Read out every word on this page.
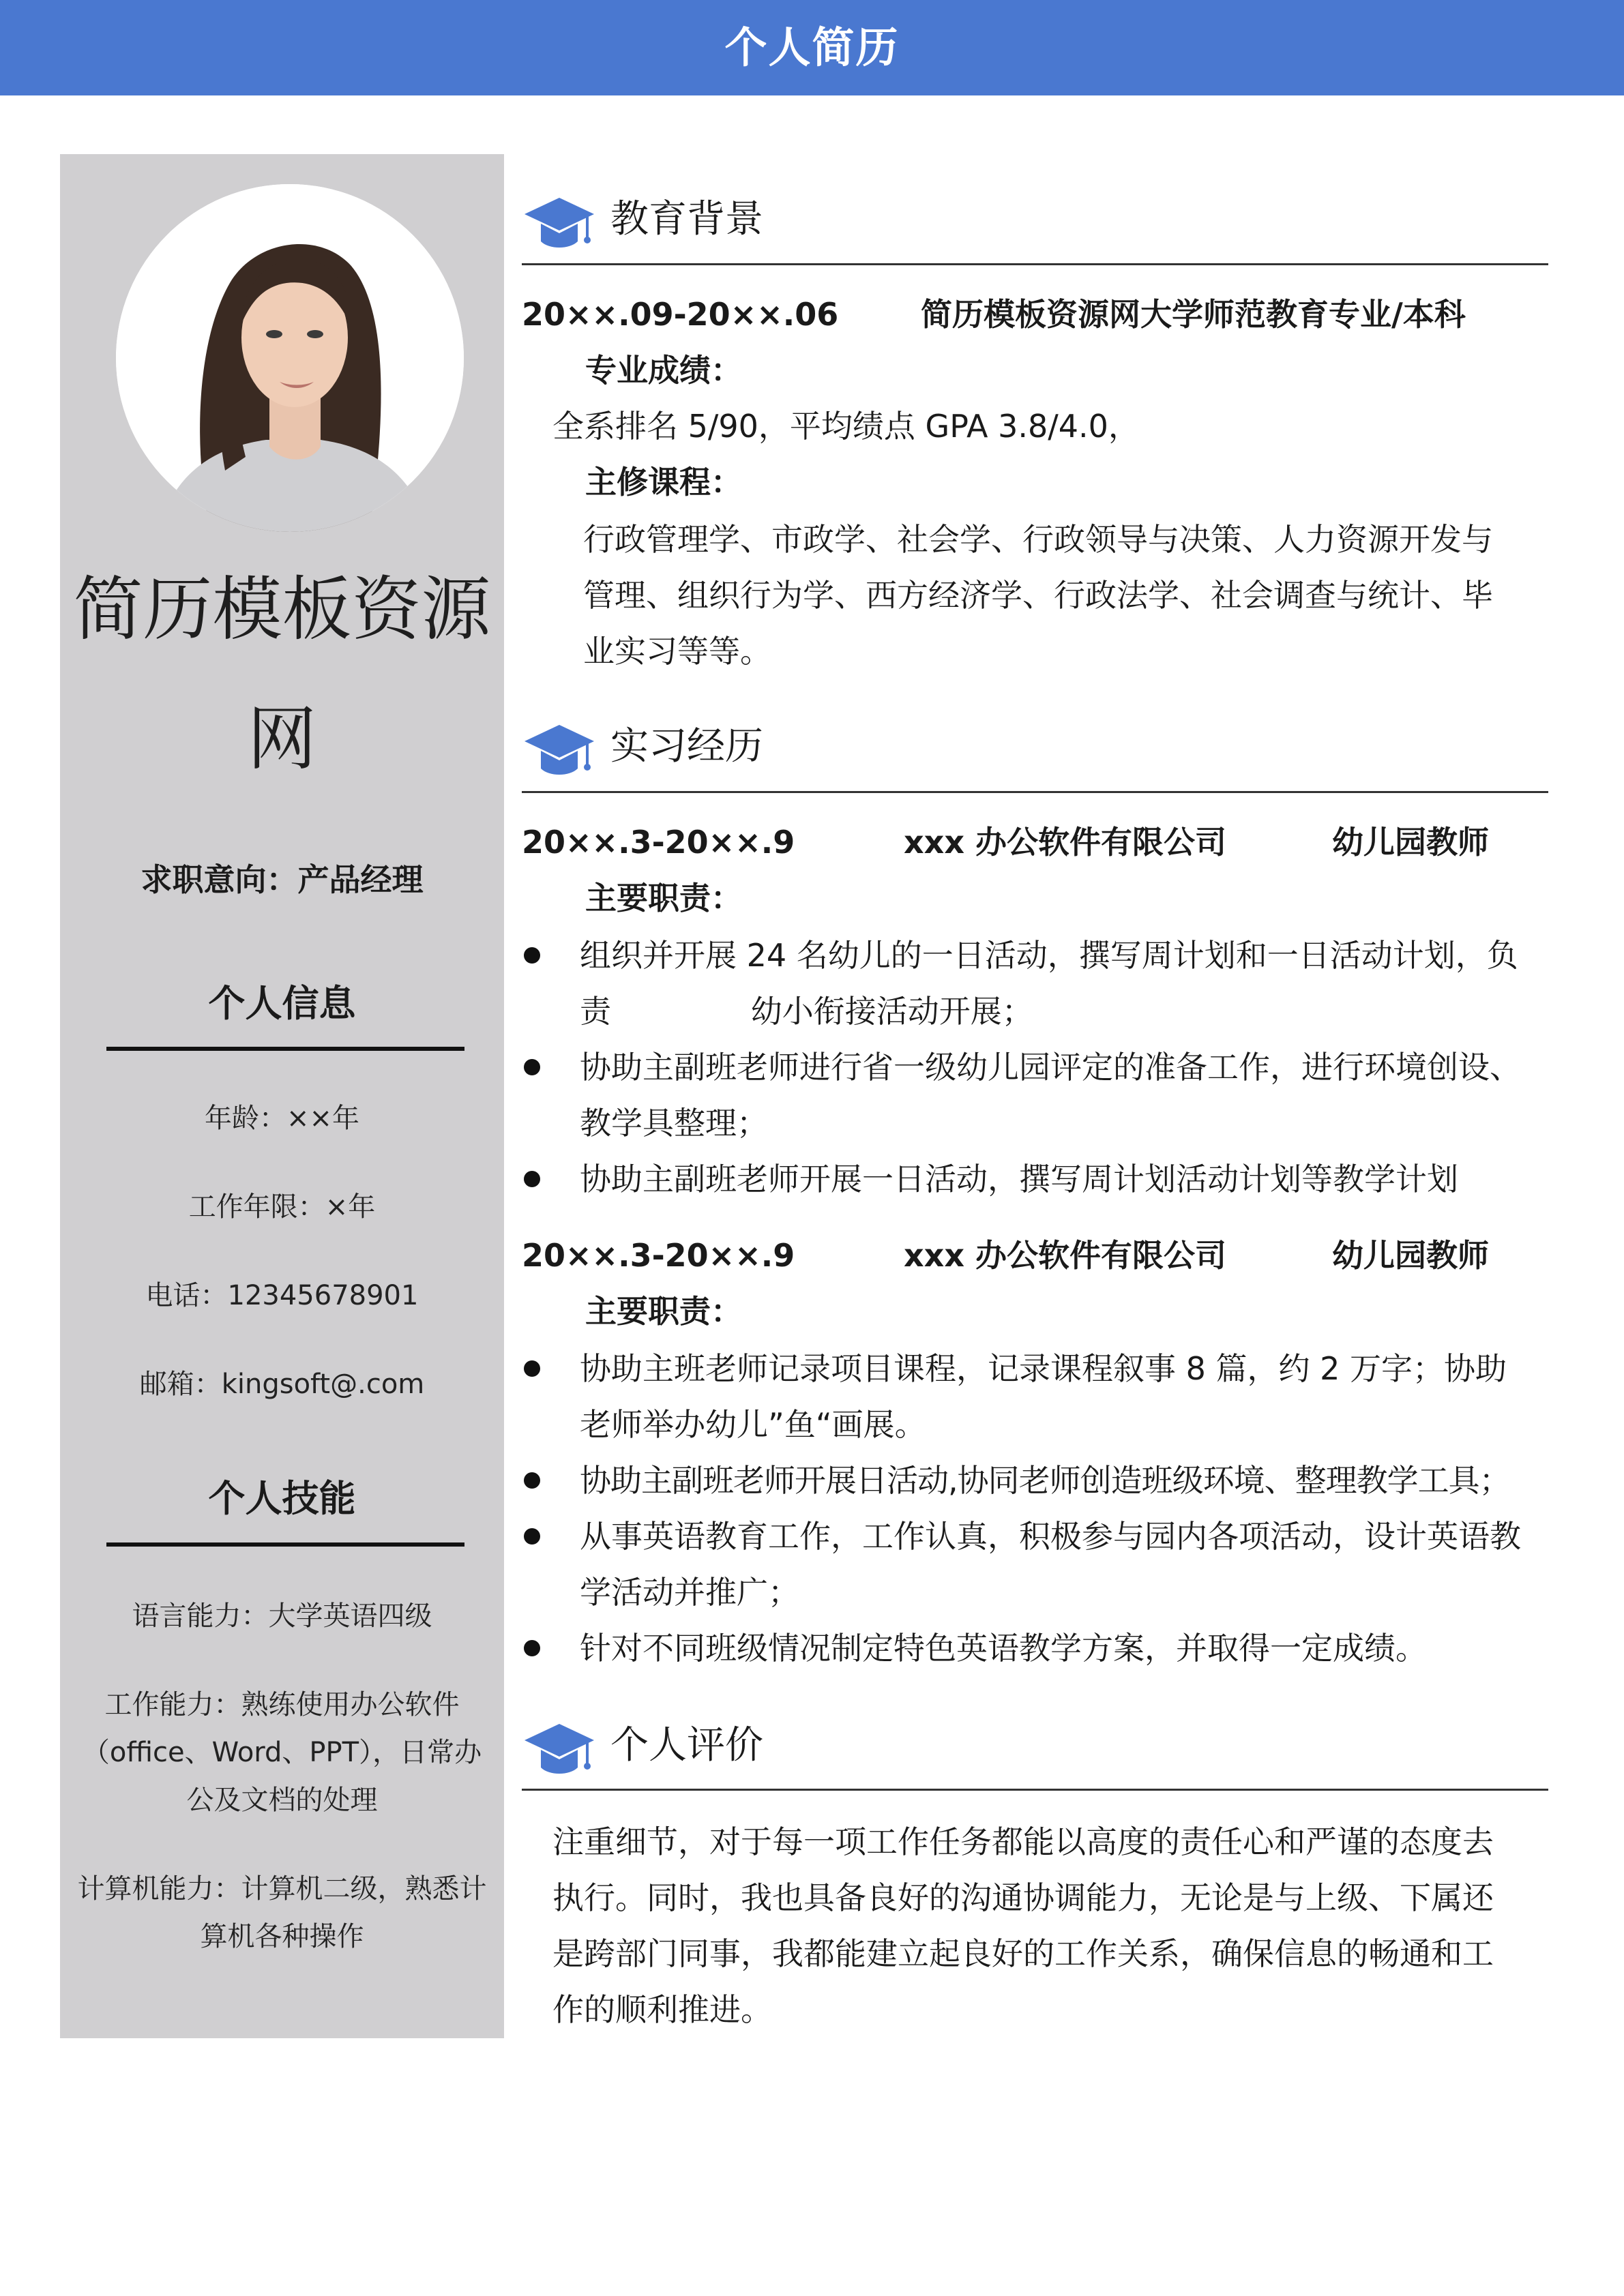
个人简历
简历模板资源
网
求职意向：产品经理
个人信息
年龄：××年
工作年限：×年
电话：12345678901
邮箱：kingsoft@.com
个人技能
语言能力：大学英语四级
工作能力：熟练使用办公软件
（office、Word、PPT），日常办
公及文档的处理
计算机能力：计算机二级，熟悉计
算机各种操作
教育背景
20××.09-20××.06	简历模板资源网大学师范教育专业/本科
专业成绩：
全系排名 5/90，平均绩点 GPA 3.8/4.0，
主修课程：
行政管理学、市政学、社会学、行政领导与决策、人力资源开发与
管理、组织行为学、西方经济学、行政法学、社会调查与统计、毕
业实习等等。
实习经历
20××.3-20××.9	xxx 办公软件有限公司	幼儿园教师
主要职责：
组织并开展 24 名幼儿的一日活动，撰写周计划和一日活动计划，负
责              幼小衔接活动开展；
协助主副班老师进行省一级幼儿园评定的准备工作，进行环境创设、
教学具整理；
协助主副班老师开展一日活动，撰写周计划活动计划等教学计划
20××.3-20××.9	xxx 办公软件有限公司	幼儿园教师
主要职责：
协助主班老师记录项目课程，记录课程叙事 8 篇，约 2 万字；协助
老师举办幼儿”鱼“画展。
协助主副班老师开展日活动,协同老师创造班级环境、整理教学工具；
从事英语教育工作，工作认真，积极参与园内各项活动，设计英语教
学活动并推广；
针对不同班级情况制定特色英语教学方案，并取得一定成绩。
个人评价
注重细节，对于每一项工作任务都能以高度的责任心和严谨的态度去
执行。同时，我也具备良好的沟通协调能力，无论是与上级、下属还
是跨部门同事，我都能建立起良好的工作关系，确保信息的畅通和工
作的顺利推进。
